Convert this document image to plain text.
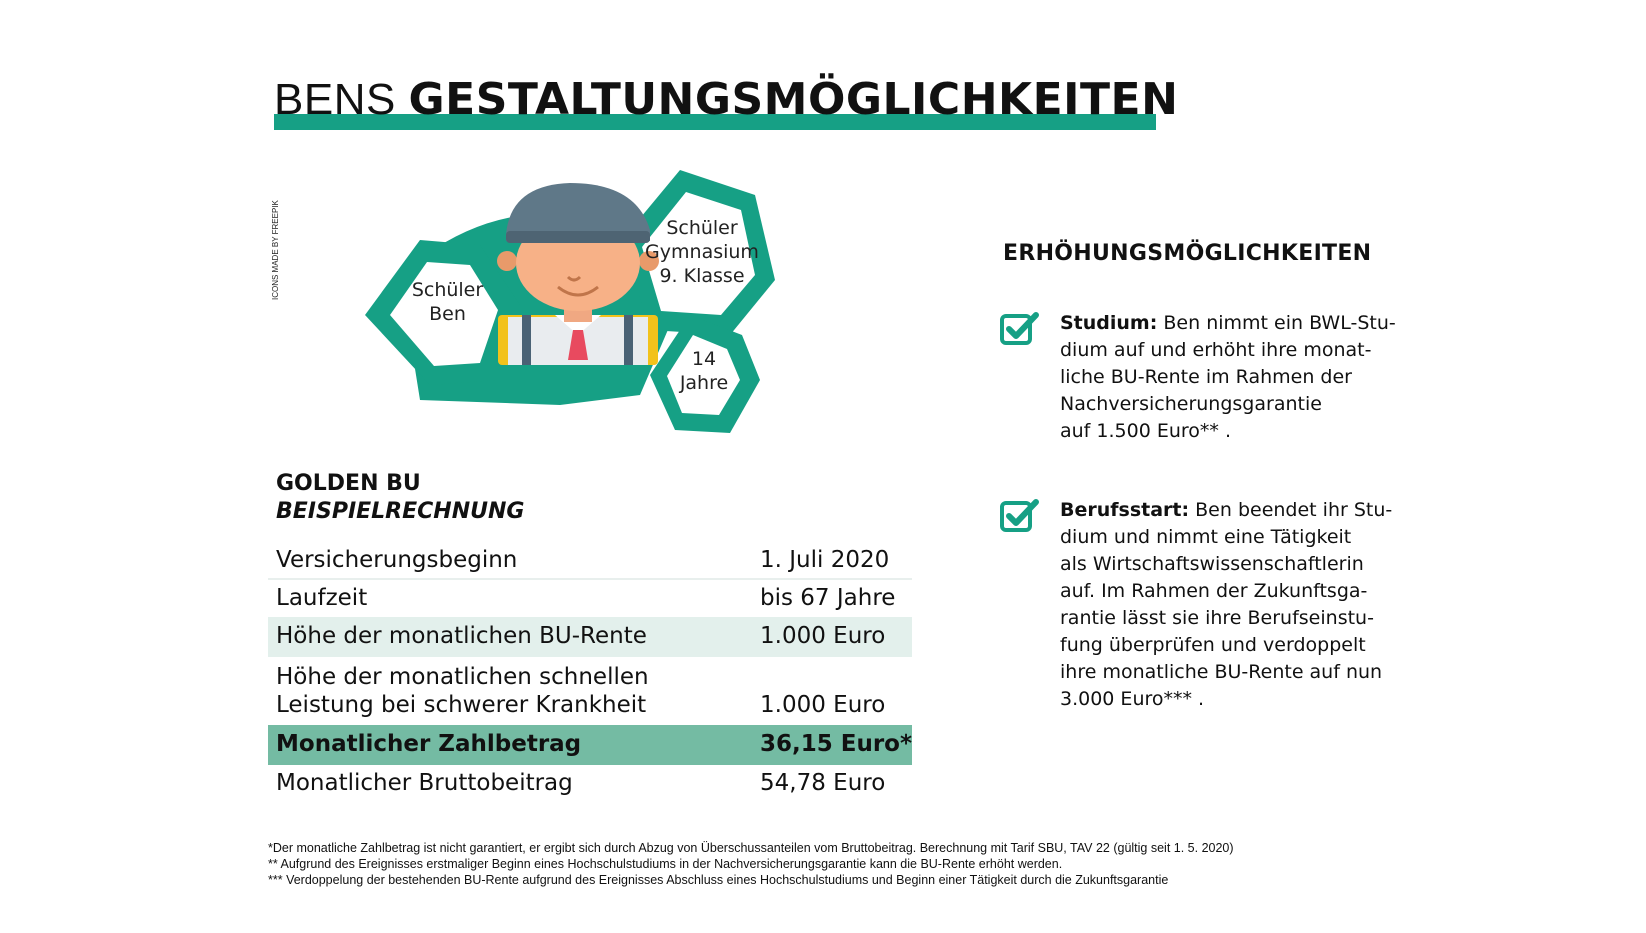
BENS GESTALTUNGSMÖGLICHKEITEN
ICONS MADE BY FREEPIK	Schüler
Ben
Schüler
Gymnasium
9. Klasse
14
Jahre
GOLDEN BU
BEISPIELRECHNUNG
Versicherungsbeginn	1. Juli 2020
Laufzeit	bis 67 Jahre
Höhe der monatlichen BU-Rente	1.000 Euro
Höhe der monatlichen schnellen
Leistung bei schwerer Krankheit	1.000 Euro
Monatlicher Zahlbetrag	36,15 Euro*
Monatlicher Bruttobeitrag	54,78 Euro
ERHÖHUNGSMÖGLICHKEITEN
Studium: Ben nimmt ein BWL-Stu-
dium auf und erhöht ihre monat-
liche BU-Rente im Rahmen der
Nachversicherungsgarantie
auf 1.500 Euro** .
Berufsstart: Ben beendet ihr Stu-
dium und nimmt eine Tätigkeit
als Wirtschaftswissenschaftlerin
auf. Im Rahmen der Zukunftsga-
rantie lässt sie ihre Berufseinstu-
fung überprüfen und verdoppelt
ihre monatliche BU-Rente auf nun
3.000 Euro*** .
*Der monatliche Zahlbetrag ist nicht garantiert, er ergibt sich durch Abzug von Überschussanteilen vom Bruttobeitrag. Berechnung mit Tarif SBU, TAV 22 (gültig seit 1. 5. 2020)
** Aufgrund des Ereignisses erstmaliger Beginn eines Hochschulstudiums in der Nachversicherungsgarantie kann die BU-Rente erhöht werden.
*** Verdoppelung der bestehenden BU-Rente aufgrund des Ereignisses Abschluss eines Hochschulstudiums und Beginn einer Tätigkeit durch die Zukunftsgarantie
